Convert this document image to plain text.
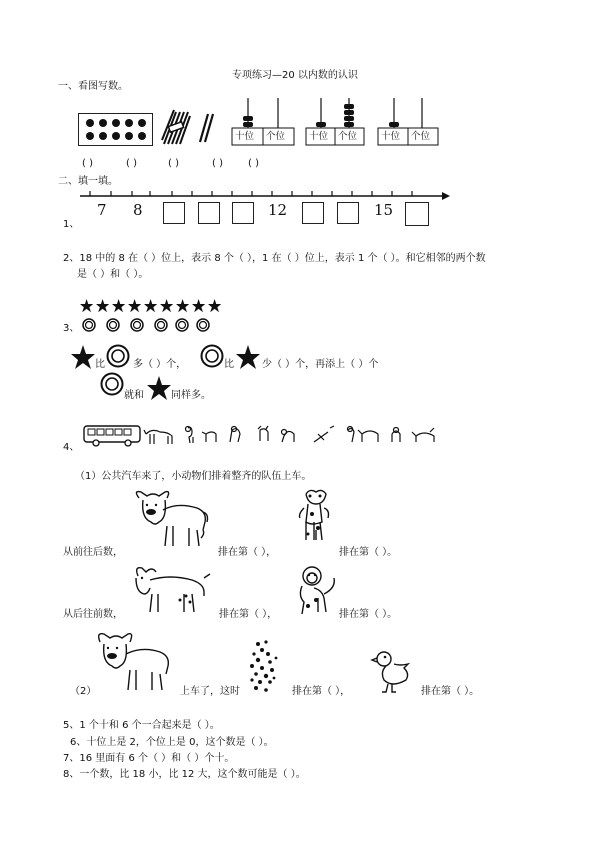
专项练习—20 以内数的认识
一、看图写数。
十位 个位	十位 个位	十位 个位
( )	( )	( )	( )	( )
二、填一填。
1、
7 8	12	15
2、18 中的 8 在（ ）位上，表示 8 个（ ），1 在（ ）位上，表示 1 个（ ）。和它相邻的两个数
是（ ）和（ ）。
3、
比	多（ ）个，	比	少（ ）个，再添上（ ）个
就和	同样多。
4、
（1）公共汽车来了，小动物们排着整齐的队伍上车。
从前往后数，	排在第（ ），	排在第（ ）。
从后往前数，	排在第（ ），	排在第（ ）。
（2）	上车了，这时	排在第（ ），	排在第（ ）。
5、1 个十和 6 个一合起来是（ ）。
6、十位上是 2，个位上是 0，这个数是（ ）。
7、16 里面有 6 个（ ）和（ ）个十。
8、一个数，比 18 小，比 12 大，这个数可能是（ ）。
